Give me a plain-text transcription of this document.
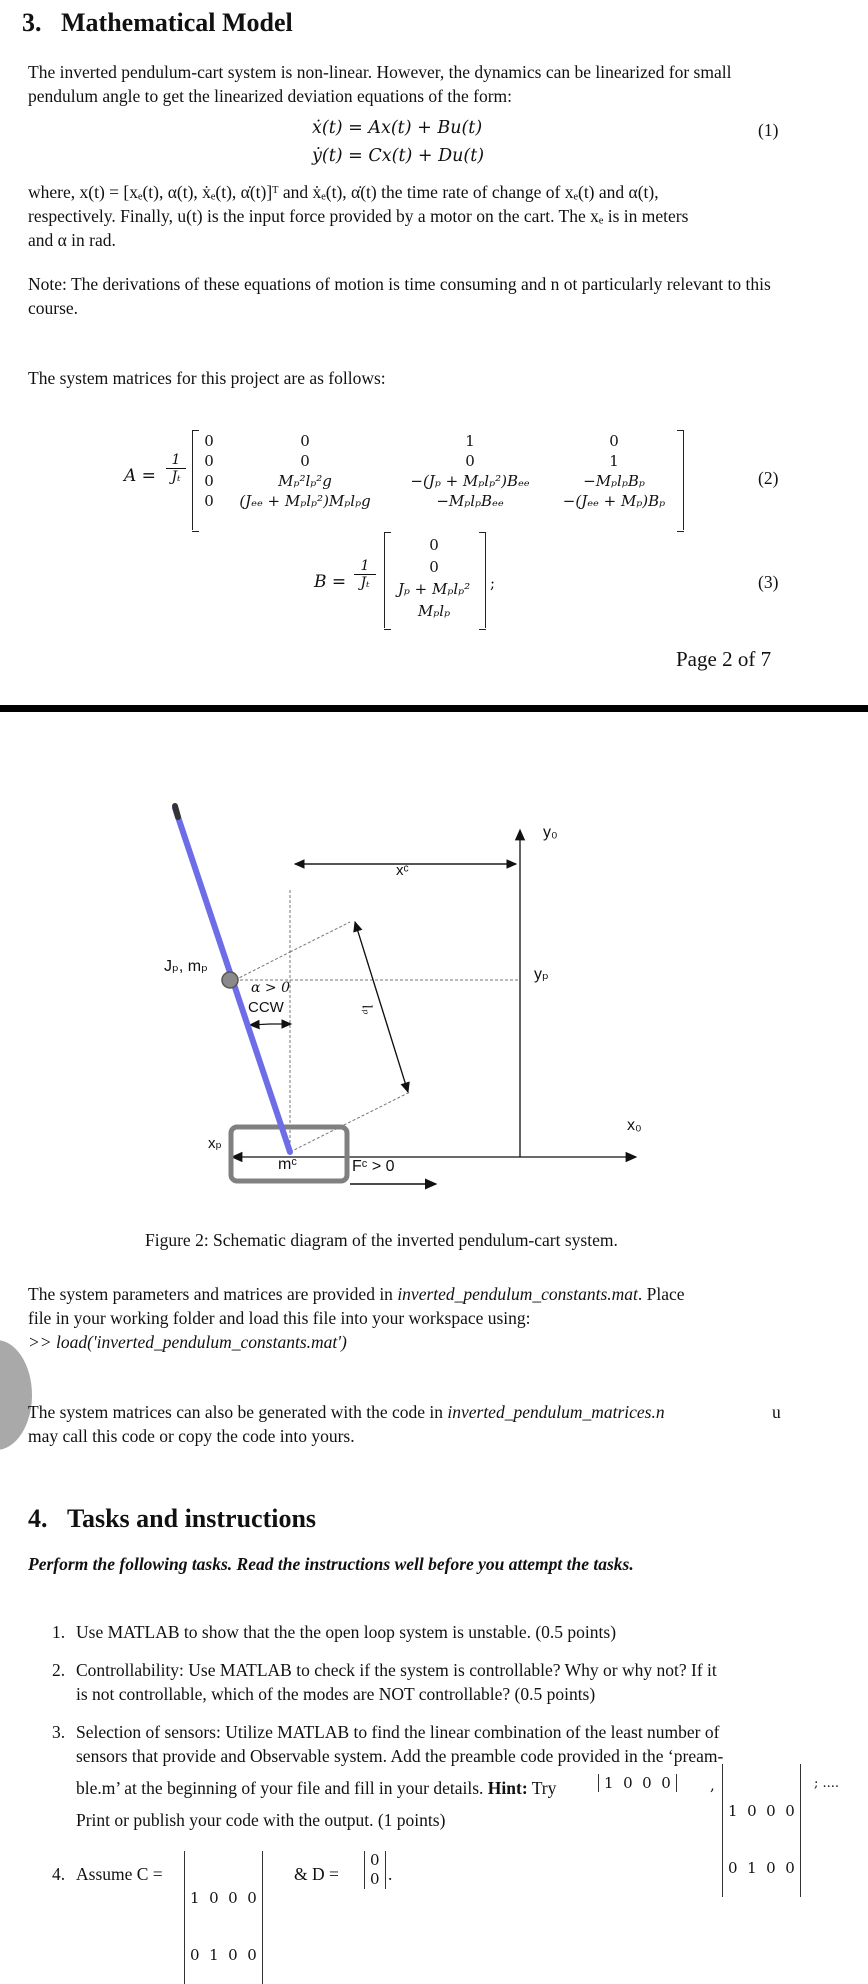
3.   Mathematical Model
The inverted pendulum-cart system is non-linear. However, the dynamics can be linearized for small pendulum angle to get the linearized deviation equations of the form:
ẋ(t) = Ax(t) + Bu(t)
ẏ(t) = Cx(t) + Du(t)
(1)
where, x(t) = [xₑ(t), α(t), ẋₑ(t), α̇(t)]ᵀ and ẋₑ(t), α̇(t) the time rate of change of xₑ(t) and α(t),
respectively. Finally, u(t) is the input force provided by a motor on the cart. The xₑ is in meters
and α in rad.
Note: The derivations of these equations of motion is time consuming and n ot particularly relevant to this course.
The system matrices for this project are as follows:
$A = \frac{1}{\text{Jₜ}}$
0	0	1	0
0	0	0	1
0	Mₚ²lₚ²g	−(Jₚ + Mₚlₚ²)Bₑₑ	−MₚlₚBₚ
0	(Jₑₑ + Mₚlₚ²)Mₚlₚg	−MₚlₚBₑₑ	−(Jₑₑ + Mₚ)Bₚ
(2)
$B = \frac{1}{\text{Jₜ}}$
0
0
Jₚ + Mₚlₚ²
Mₚlₚ
;	(3)
Page 2 of 7
Jₚ, mₚ
α > 0
CCW
xᶜ
y₀
yₚ
x₀
xₚ
mᶜ	Fᶜ > 0
lₚ
Figure 2: Schematic diagram of the inverted pendulum-cart system.
The system parameters and matrices are provided in inverted_pendulum_constants.mat. Place
file in your working folder and load this file into your workspace using:
>> load('inverted_pendulum_constants.mat')
The system matrices can also be generated with the code in inverted_pendulum_matrices.n	u
may call this code or copy the code into yours.
4.   Tasks and instructions
Perform the following tasks. Read the instructions well before you attempt the tasks.
1. Use MATLAB to show that the the open loop system is unstable. (0.5 points)
2. Controllability: Use MATLAB to check if the system is controllable? Why or why not? If it
is not controllable, which of the modes are NOT controllable? (0.5 points)
3. Selection of sensors: Utilize MATLAB to find the linear combination of the least number of
sensors that provide and Observable system. Add the preamble code provided in the ‘pream-
ble.m’ at the beginning of your file and fill in your details. Hint: Try	1  0  0  0	,

1  0  0  0

0  1  0  0

; ....
Print or publish your code with the output. (1 points)
4. Assume C =

1  0  0  0

0  1  0  0

& D =
0
0 .
